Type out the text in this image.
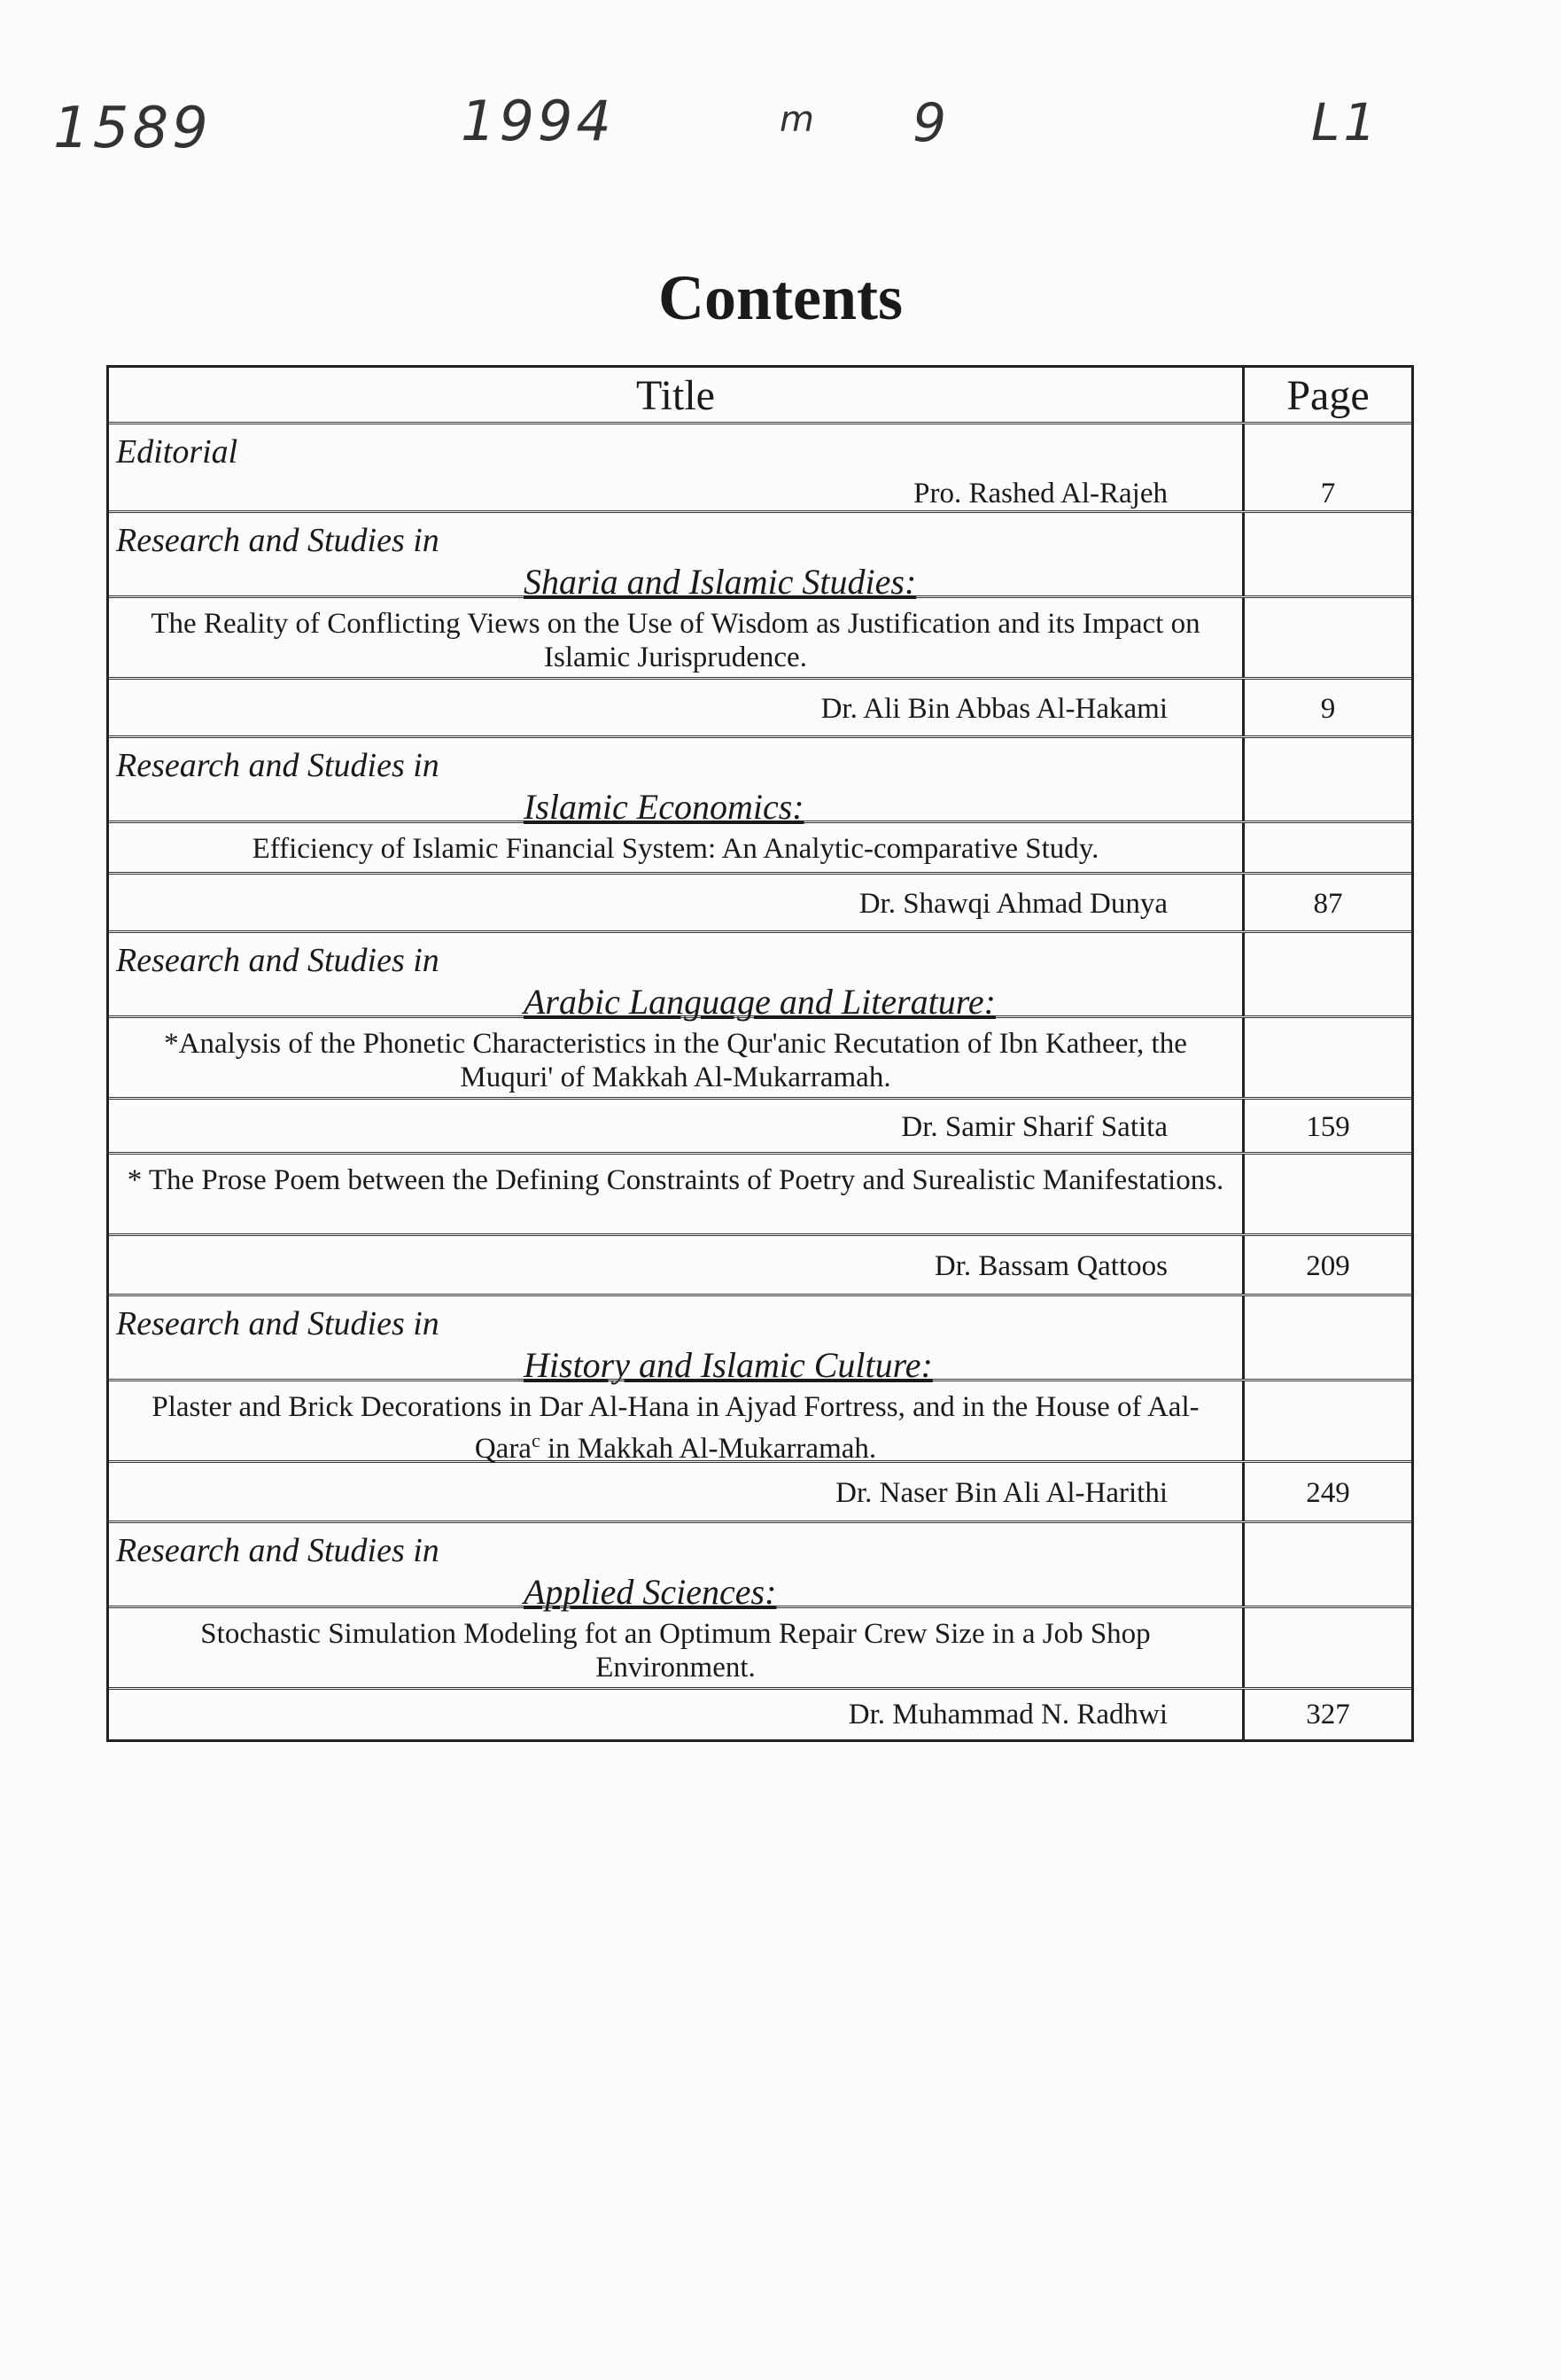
1589	1994	m 9	L1
Contents
Title	Page
Editorial
Pro. Rashed Al-Rajeh	7
Research and Studies in
Sharia and Islamic Studies:
The Reality of Conflicting Views on the Use of Wisdom as Justification and its Impact on Islamic Jurisprudence.
Dr. Ali Bin Abbas Al-Hakami	9
Research and Studies in
Islamic Economics:
Efficiency of Islamic Financial System: An Analytic-comparative Study.
Dr. Shawqi Ahmad Dunya	87
Research and Studies in
Arabic Language and Literature:
*Analysis of the Phonetic Characteristics in the Qur'anic Recutation of Ibn Katheer, the Muquri' of Makkah Al-Mukarramah.
Dr. Samir Sharif Satita	159
* The Prose Poem between the Defining Constraints of Poetry and Surealistic Manifestations.
Dr. Bassam Qattoos	209
Research and Studies in
History and Islamic Culture:
Plaster and Brick Decorations in Dar Al-Hana in Ajyad Fortress, and in the House of Aal-Qara$^c$ in Makkah Al-Mukarramah.
Dr. Naser Bin Ali Al-Harithi	249
Research and Studies in
Applied Sciences:
Stochastic Simulation Modeling fot an Optimum Repair Crew Size in a Job Shop Environment.
Dr. Muhammad N. Radhwi	327
